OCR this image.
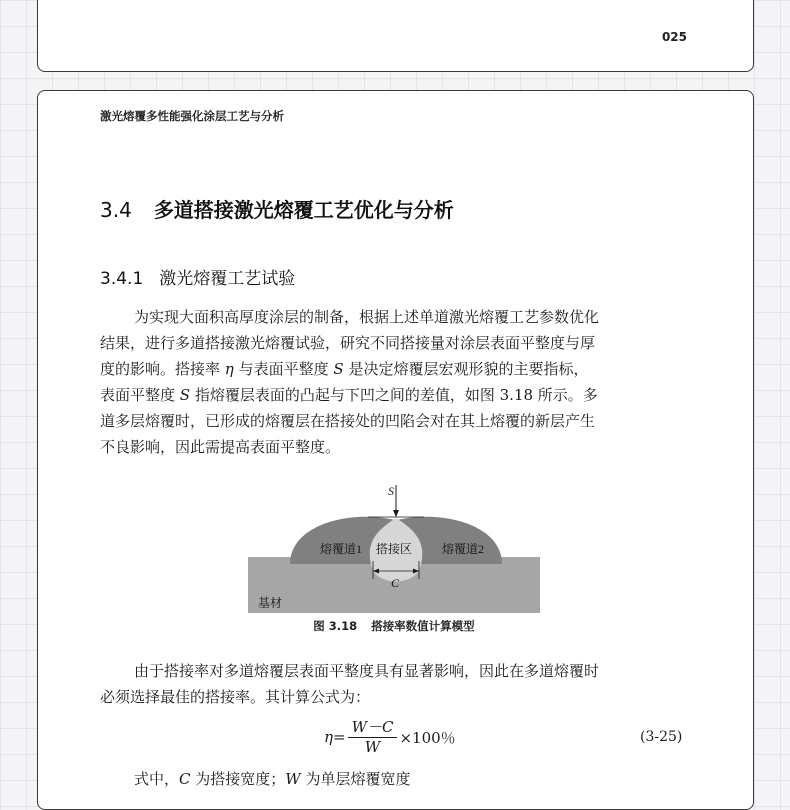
025
激光熔覆多性能强化涂层工艺与分析
3.4 多道搭接激光熔覆工艺优化与分析
3.4.1 激光熔覆工艺试验
为实现大面积高厚度涂层的制备，根据上述单道激光熔覆工艺参数优化
结果，进行多道搭接激光熔覆试验，研究不同搭接量对涂层表面平整度与厚
度的影响。搭接率 η 与表面平整度 S 是决定熔覆层宏观形貌的主要指标，
表面平整度 S 指熔覆层表面的凸起与下凹之间的差值，如图 3.18 所示。多
道多层熔覆时，已形成的熔覆层在搭接处的凹陷会对在其上熔覆的新层产生
不良影响，因此需提高表面平整度。
S
熔覆道1 搭接区 熔覆道2
C
基材
图 3.18 搭接率数值计算模型
由于搭接率对多道熔覆层表面平整度具有显著影响，因此在多道熔覆时
必须选择最佳的搭接率。其计算公式为：
$\eta= \frac{W-C}{W} \times 100$％	(3-25)
式中，C 为搭接宽度；W 为单层熔覆宽度
